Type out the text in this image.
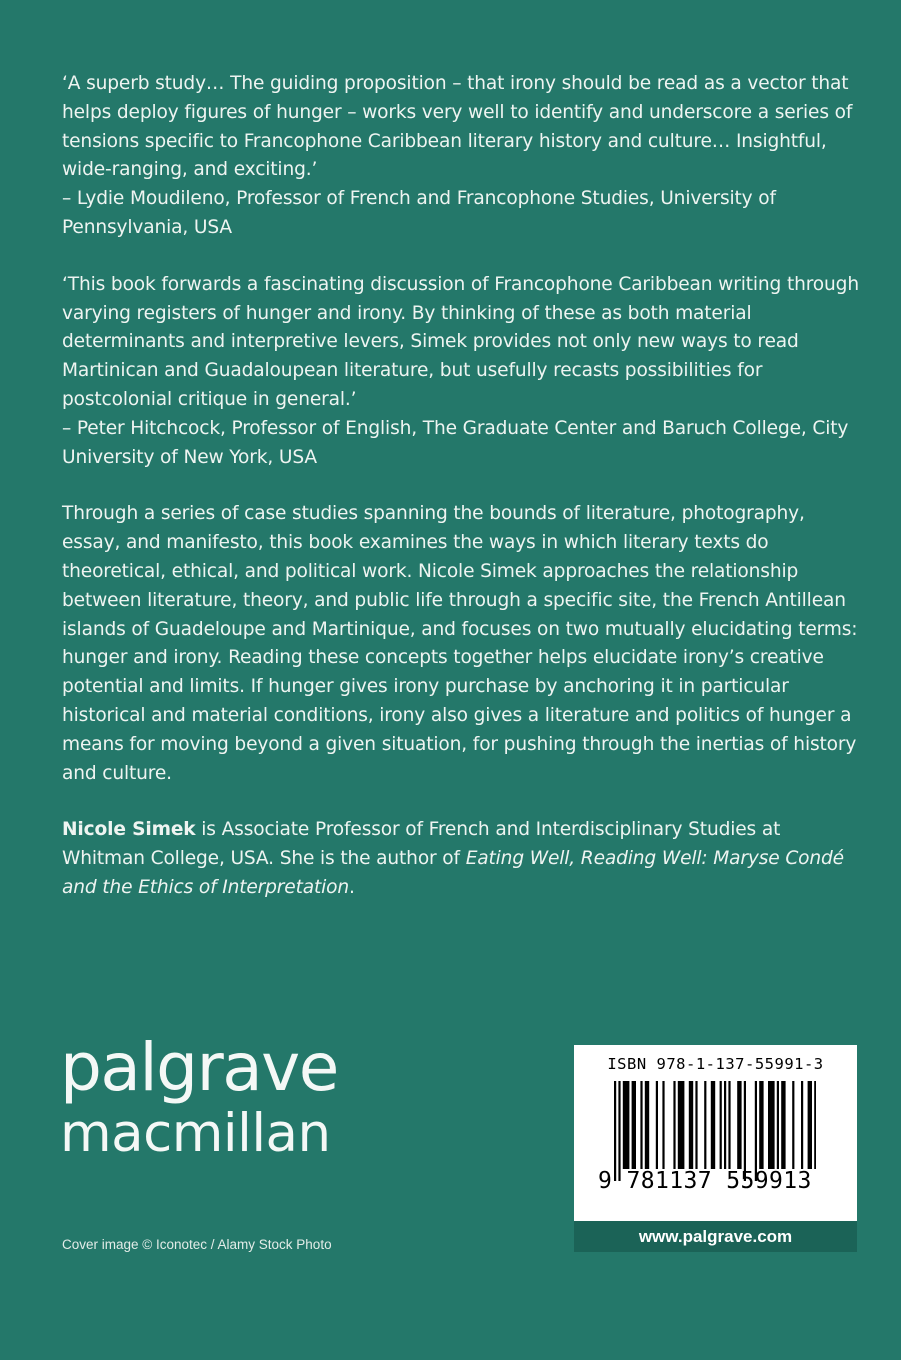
‘A superb study… The guiding proposition – that irony should be read as a vector that helps deploy figures of hunger – works very well to identify and underscore a series of tensions specific to Francophone Caribbean literary history and culture… Insightful, wide-ranging, and exciting.’

– Lydie Moudileno, Professor of French and Francophone Studies, University of Pennsylvania, USA

‘This book forwards a fascinating discussion of Francophone Caribbean writing through varying registers of hunger and irony. By thinking of these as both material determinants and interpretive levers, Simek provides not only new ways to read Martinican and Guadaloupean literature, but usefully recasts possibilities for postcolonial critique in general.’

– Peter Hitchcock, Professor of English, The Graduate Center and Baruch College, City University of New York, USA

Through a series of case studies spanning the bounds of literature, photography, essay, and manifesto, this book examines the ways in which literary texts do theoretical, ethical, and political work. Nicole Simek approaches the relationship between literature, theory, and public life through a specific site, the French Antillean islands of Guadeloupe and Martinique, and focuses on two mutually elucidating terms: hunger and irony. Reading these concepts together helps elucidate irony’s creative potential and limits. If hunger gives irony purchase by anchoring it in particular historical and material conditions, irony also gives a literature and politics of hunger a means for moving beyond a given situation, for pushing through the inertias of history and culture.

Nicole Simek is Associate Professor of French and Interdisciplinary Studies at Whitman College, USA. She is the author of Eating Well, Reading Well: Maryse Condé and the Ethics of Interpretation.

palgrave
macmillan
Cover image © Iconotec / Alamy Stock Photo
ISBN 978-1-137-55991-3
9 781137 559913
www.palgrave.com
